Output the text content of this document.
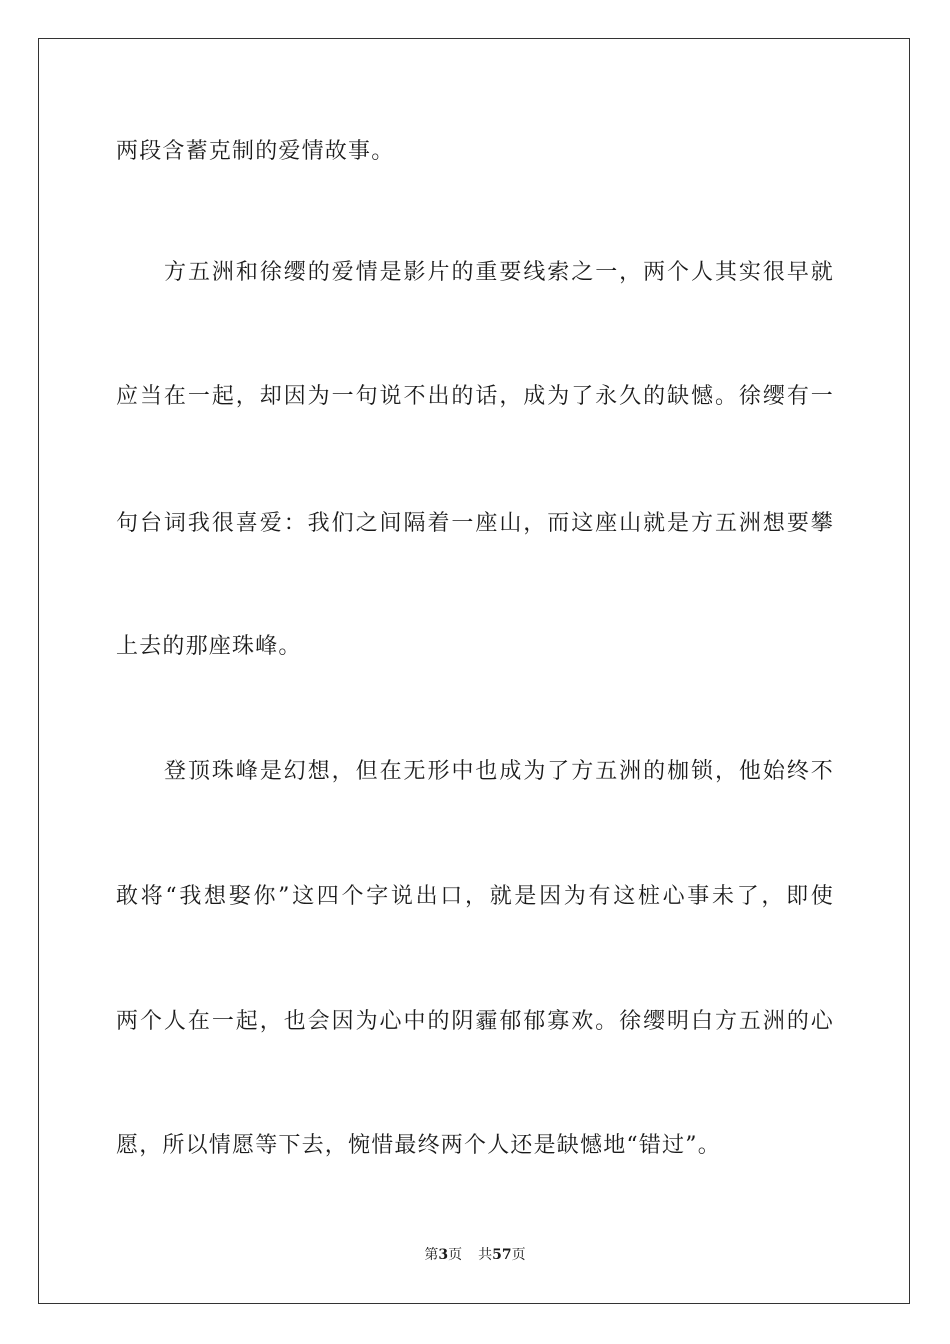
两段含蓄克制的爱情故事。
方五洲和徐缨的爱情是影片的重要线索之一，两个人其实很早就
应当在一起，却因为一句说不出的话，成为了永久的缺憾。徐缨有一
句台词我很喜爱：我们之间隔着一座山，而这座山就是方五洲想要攀
上去的那座珠峰。
登顶珠峰是幻想，但在无形中也成为了方五洲的枷锁，他始终不
敢将“我想娶你”这四个字说出口，就是因为有这桩心事未了，即使
两个人在一起，也会因为心中的阴霾郁郁寡欢。徐缨明白方五洲的心
愿，所以情愿等下去，惋惜最终两个人还是缺憾地“错过”。
第3页 共57页
